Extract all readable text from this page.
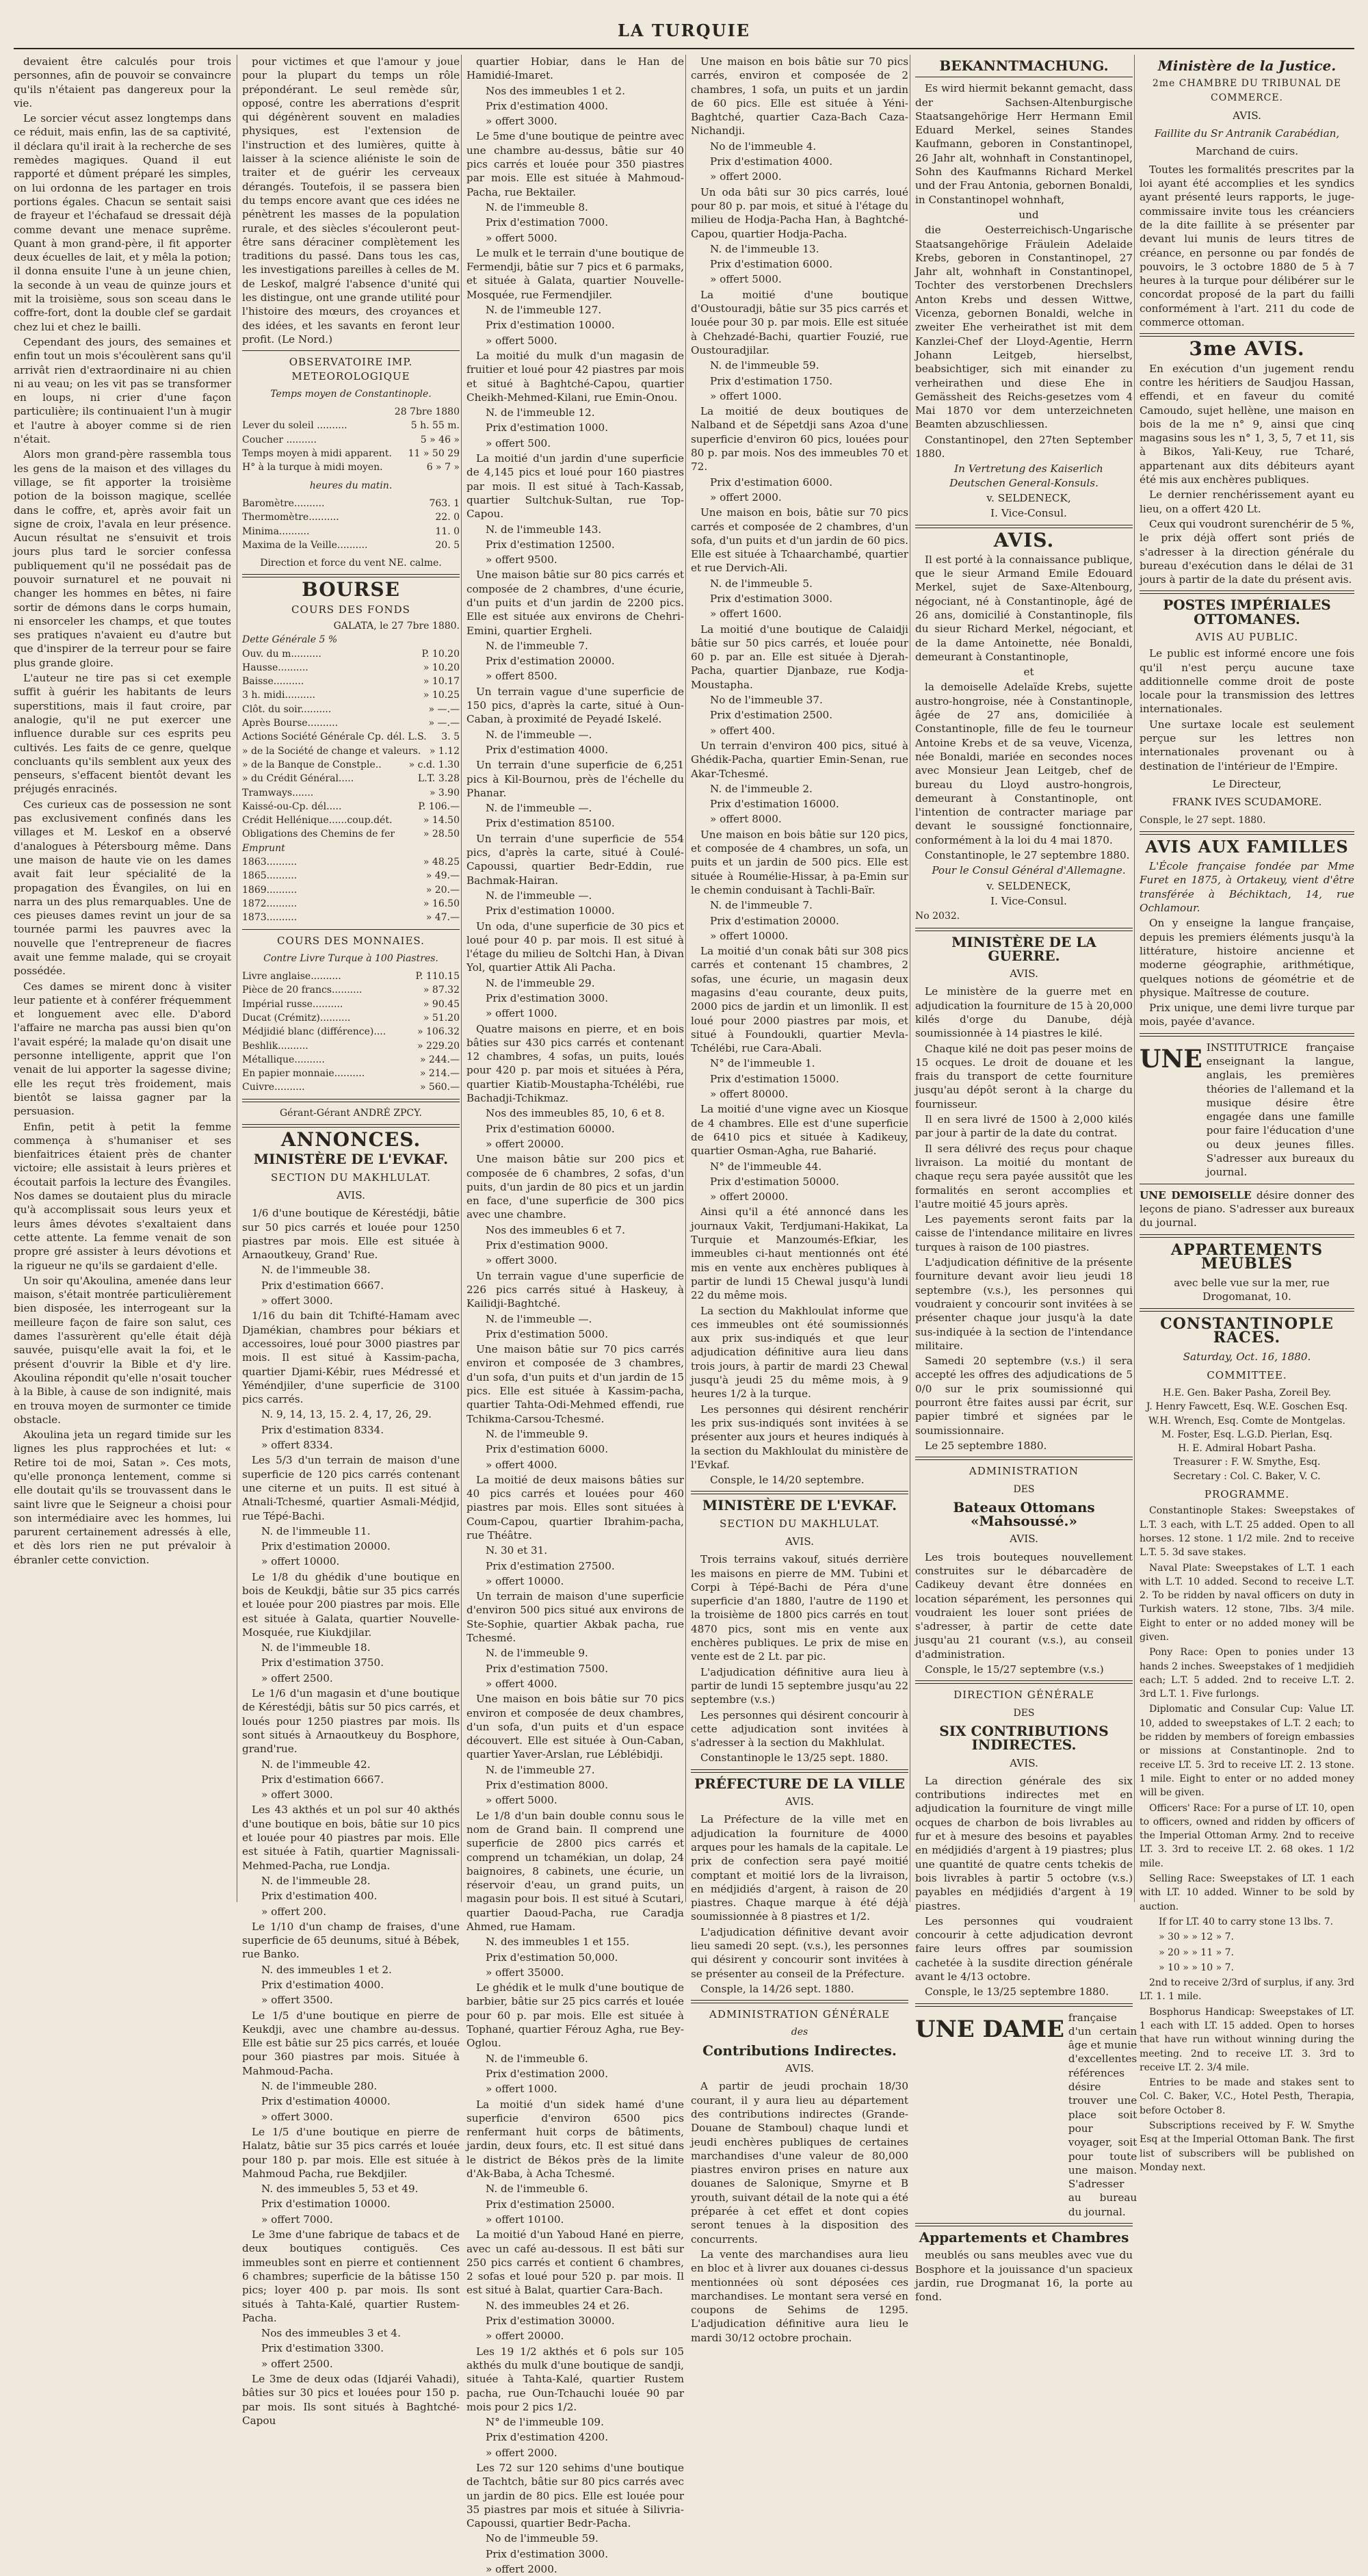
LA TURQUIE

devaient être calculés pour trois personnes, afin de pouvoir se convaincre qu'ils n'étaient pas dangereux pour la vie.

Le sorcier vécut assez longtemps dans ce réduit, mais enfin, las de sa captivité, il déclara qu'il irait à la recherche de ses remèdes magiques. Quand il eut rapporté et dûment préparé les simples, on lui ordonna de les partager en trois portions égales. Chacun se sentait saisi de frayeur et l'échafaud se dressait déjà comme devant une menace suprême. Quant à mon grand-père, il fit apporter deux écuelles de lait, et y mêla la potion; il donna ensuite l'une à un jeune chien, la seconde à un veau de quinze jours et mit la troisième, sous son sceau dans le coffre-fort, dont la double clef se gardait chez lui et chez le bailli.

Cependant des jours, des semaines et enfin tout un mois s'écoulèrent sans qu'il arrivât rien d'extraordinaire ni au chien ni au veau; on les vit pas se transformer en loups, ni crier d'une façon particulière; ils continuaient l'un à mugir et l'autre à aboyer comme si de rien n'était.

Alors mon grand-père rassembla tous les gens de la maison et des villages du village, se fit apporter la troisième potion de la boisson magique, scellée dans le coffre, et, après avoir fait un signe de croix, l'avala en leur présence. Aucun résultat ne s'ensuivit et trois jours plus tard le sorcier confessa publiquement qu'il ne possédait pas de pouvoir surnaturel et ne pouvait ni changer les hommes en bêtes, ni faire sortir de démons dans le corps humain, ni ensorceler les champs, et que toutes ses pratiques n'avaient eu d'autre but que d'inspirer de la terreur pour se faire plus grande gloire.

L'auteur ne tire pas si cet exemple suffit à guérir les habitants de leurs superstitions, mais il faut croire, par analogie, qu'il ne put exercer une influence durable sur ces esprits peu cultivés. Les faits de ce genre, quelque concluants qu'ils semblent aux yeux des penseurs, s'effacent bientôt devant les préjugés enracinés.

Ces curieux cas de possession ne sont pas exclusivement confinés dans les villages et M. Leskof en a observé d'analogues à Pétersbourg même. Dans une maison de haute vie on les dames avait fait leur spécialité de la propagation des Évangiles, on lui en narra un des plus remarquables. Une de ces pieuses dames revint un jour de sa tournée parmi les pauvres avec la nouvelle que l'entrepreneur de fiacres avait une femme malade, qui se croyait possédée.

Ces dames se mirent donc à visiter leur patiente et à conférer fréquemment et longuement avec elle. D'abord l'affaire ne marcha pas aussi bien qu'on l'avait espéré; la malade qu'on disait une personne intelligente, apprit que l'on venait de lui apporter la sagesse divine; elle les reçut très froidement, mais bientôt se laissa gagner par la persuasion.

Enfin, petit à petit la femme commença à s'humaniser et ses bienfaitrices étaient près de chanter victoire; elle assistait à leurs prières et écoutait parfois la lecture des Évangiles. Nos dames se doutaient plus du miracle qu'à accomplissait sous leurs yeux et leurs âmes dévotes s'exaltaient dans cette attente. La femme venait de son propre gré assister à leurs dévotions et la rigueur ne qu'ils se gardaient d'elle.

Un soir qu'Akoulina, amenée dans leur maison, s'était montrée particulièrement bien disposée, les interrogeant sur la meilleure façon de faire son salut, ces dames l'assurèrent qu'elle était déjà sauvée, puisqu'elle avait la foi, et le présent d'ouvrir la Bible et d'y lire. Akoulina répondit qu'elle n'osait toucher à la Bible, à cause de son indignité, mais en trouva moyen de surmonter ce timide obstacle.

Akoulina jeta un regard timide sur les lignes les plus rapprochées et lut: « Retire toi de moi, Satan ». Ces mots, qu'elle prononça lentement, comme si elle doutait qu'ils se trouvassent dans le saint livre que le Seigneur a choisi pour son intermédiaire avec les hommes, lui parurent certainement adressés à elle, et dès lors rien ne put prévaloir à ébranler cette conviction.

pour victimes et que l'amour y joue pour la plupart du temps un rôle prépondérant. Le seul remède sûr, opposé, contre les aberrations d'esprit qui dégénèrent souvent en maladies physiques, est l'extension de l'instruction et des lumières, quitte à laisser à la science aliéniste le soin de traiter et de guérir les cerveaux dérangés. Toutefois, il se passera bien du temps encore avant que ces idées ne pénètrent les masses de la population rurale, et des siècles s'écouleront peut-être sans déraciner complètement les traditions du passé. Dans tous les cas, les investigations pareilles à celles de M. de Leskof, malgré l'absence d'unité qui les distingue, ont une grande utilité pour l'histoire des mœurs, des croyances et des idées, et les savants en feront leur profit. (Le Nord.)

OBSERVATOIRE IMP. METEOROLOGIQUE
Temps moyen de Constantinople.
28 7bre 1880
Lever du soleil ..........	5 h. 55 m.
Coucher ..........	5 » 46 »
Temps moyen à midi apparent. 11 » 50 29
H° à la turque à midi moyen.	6 » 7 »
heures du matin.
Baromètre..........	763. 1
Thermomètre..........	22. 0
Minima..........	11. 0
Maxima de la Veille..........	20. 5
Direction et force du vent NE. calme.
BOURSE
COURS DES FONDS
GALATA, le 27 7bre 1880.
Dette Générale 5 %
Ouv. du m..........	P. 10.20
Hausse..........	» 10.20
Baisse..........	» 10.17
3 h. midi..........	» 10.25
Clôt. du soir..........	» —.—
Après Bourse..........	» —.—
Actions Société Générale Cp. dél. L.S. 3. 5
» de la Société de change et valeurs. » 1.12
» de la Banque de Constple..	» c.d. 1.30
» du Crédit Général.....	L.T. 3.28
Tramways.......	» 3.90
Kaissé-ou-Cp. dél.....	P. 106.—
Crédit Hellénique......coup.dét.	» 14.50
Obligations des Chemins de fer	» 28.50
Emprunt
1863..........	» 48.25
1865..........	» 49.—
1869..........	» 20.—
1872..........	» 16.50
1873..........	» 47.—
COURS DES MONNAIES.
Contre Livre Turque à 100 Piastres.
Livre anglaise..........	P. 110.15
Pièce de 20 francs..........	» 87.32
Impérial russe..........	» 90.45
Ducat (Crémitz)..........	» 51.20
Médjidié blanc (différence)....	» 106.32
Beshlik..........	» 229.20
Métallique..........	» 244.—
En papier monnaie..........	» 214.—
Cuivre..........	» 560.—
Gérant-Gérant ANDRÉ ZPCY.
ANNONCES.
MINISTÈRE DE L'EVKAF.
SECTION DU MAKHLULAT.
AVIS.

1/6 d'une boutique de Kérestédji, bâtie sur 50 pics carrés et louée pour 1250 piastres par mois. Elle est située à Arnaoutkeuy, Grand' Rue.

N. de l'immeuble 38.

Prix d'estimation 6667.

» offert 3000.

1/16 du bain dit Tchifté-Hamam avec Djamékian, chambres pour békiars et accessoires, loué pour 3000 piastres par mois. Il est situé à Kassim-pacha, quartier Djami-Kébir, rues Médressé et Yéméndjiler, d'une superficie de 3100 pics carrés.

N. 9, 14, 13, 15. 2. 4, 17, 26, 29.

Prix d'estimation 8334.

» offert 8334.

Les 5/3 d'un terrain de maison d'une superficie de 120 pics carrés contenant une citerne et un puits. Il est situé à Atnali-Tchesmé, quartier Asmali-Médjid, rue Tépé-Bachi.

N. de l'immeuble 11.

Prix d'estimation 20000.

» offert 10000.

Le 1/8 du ghédik d'une boutique en bois de Keukdji, bâtie sur 35 pics carrés et louée pour 200 piastres par mois. Elle est située à Galata, quartier Nouvelle-Mosquée, rue Kiukdjilar.

N. de l'immeuble 18.

Prix d'estimation 3750.

» offert 2500.

Le 1/6 d'un magasin et d'une boutique de Kérestédji, bâtis sur 50 pics carrés, et loués pour 1250 piastres par mois. Ils sont situés à Arnaoutkeuy du Bosphore, grand'rue.

N. de l'immeuble 42.

Prix d'estimation 6667.

» offert 3000.

Les 43 akthés et un pol sur 40 akthés d'une boutique en bois, bâtie sur 10 pics et louée pour 40 piastres par mois. Elle est située à Fatih, quartier Magnissali-Mehmed-Pacha, rue Londja.

N. de l'immeuble 28.

Prix d'estimation 400.

» offert 200.

Le 1/10 d'un champ de fraises, d'une superficie de 65 deunums, situé à Bébek, rue Banko.

N. des immeubles 1 et 2.

Prix d'estimation 4000.

» offert 3500.

Le 1/5 d'une boutique en pierre de Keukdji, avec une chambre au-dessus. Elle est bâtie sur 25 pics carrés, et louée pour 360 piastres par mois. Située à Mahmoud-Pacha.

N. de l'immeuble 280.

Prix d'estimation 40000.

» offert 3000.

Le 1/5 d'une boutique en pierre de Halatz, bâtie sur 35 pics carrés et louée pour 180 p. par mois. Elle est située à Mahmoud Pacha, rue Bekdjiler.

N. des immeubles 5, 53 et 49.

Prix d'estimation 10000.

» offert 7000.

Le 3me d'une fabrique de tabacs et de deux boutiques contiguës. Ces immeubles sont en pierre et contiennent 6 chambres; superficie de la bâtisse 150 pics; loyer 400 p. par mois. Ils sont situés à Tahta-Kalé, quartier Rustem-Pacha.

Nos des immeubles 3 et 4.

Prix d'estimation 3300.

» offert 2500.

Le 3me de deux odas (Idjaréi Vahadi), bâties sur 30 pics et louées pour 150 p. par mois. Ils sont situés à Baghtché-Capou

quartier Hobiar, dans le Han de Hamidié-Imaret.

Nos des immeubles 1 et 2.

Prix d'estimation 4000.

» offert 3000.

Le 5me d'une boutique de peintre avec une chambre au-dessus, bâtie sur 40 pics carrés et louée pour 350 piastres par mois. Elle est située à Mahmoud-Pacha, rue Bektailer.

N. de l'immeuble 8.

Prix d'estimation 7000.

» offert 5000.

Le mulk et le terrain d'une boutique de Fermendji, bâtie sur 7 pics et 6 parmaks, et située à Galata, quartier Nouvelle-Mosquée, rue Fermendjiler.

N. de l'immeuble 127.

Prix d'estimation 10000.

» offert 5000.

La moitié du mulk d'un magasin de fruitier et loué pour 42 piastres par mois et situé à Baghtché-Capou, quartier Cheikh-Mehmed-Kilani, rue Emin-Onou.

N. de l'immeuble 12.

Prix d'estimation 1000.

» offert 500.

La moitié d'un jardin d'une superficie de 4,145 pics et loué pour 160 piastres par mois. Il est situé à Tach-Kassab, quartier Sultchuk-Sultan, rue Top-Capou.

N. de l'immeuble 143.

Prix d'estimation 12500.

» offert 9500.

Une maison bâtie sur 80 pics carrés et composée de 2 chambres, d'une écurie, d'un puits et d'un jardin de 2200 pics. Elle est située aux environs de Chehri-Emini, quartier Ergheli.

N. de l'immeuble 7.

Prix d'estimation 20000.

» offert 8500.

Un terrain vague d'une superficie de 150 pics, d'après la carte, situé à Oun-Caban, à proximité de Peyadé Iskelé.

N. de l'immeuble —.

Prix d'estimation 4000.

Un terrain d'une superficie de 6,251 pics à Kil-Bournou, près de l'échelle du Phanar.

N. de l'immeuble —.

Prix d'estimation 85100.

Un terrain d'une superficie de 554 pics, d'après la carte, situé à Coulé-Capoussi, quartier Bedr-Eddin, rue Bachmak-Hairan.

N. de l'immeuble —.

Prix d'estimation 10000.

Un oda, d'une superficie de 30 pics et loué pour 40 p. par mois. Il est situé à l'étage du milieu de Soltchi Han, à Divan Yol, quartier Attik Ali Pacha.

N. de l'immeuble 29.

Prix d'estimation 3000.

» offert 1000.

Quatre maisons en pierre, et en bois bâties sur 430 pics carrés et contenant 12 chambres, 4 sofas, un puits, loués pour 420 p. par mois et situées à Péra, quartier Kiatib-Moustapha-Tchélébi, rue Bachadji-Tchikmaz.

Nos des immeubles 85, 10, 6 et 8.

Prix d'estimation 60000.

» offert 20000.

Une maison bâtie sur 200 pics et composée de 6 chambres, 2 sofas, d'un puits, d'un jardin de 80 pics et un jardin en face, d'une superficie de 300 pics avec une chambre.

Nos des immeubles 6 et 7.

Prix d'estimation 9000.

» offert 3000.

Un terrain vague d'une superficie de 226 pics carrés situé à Haskeuy, à Kailidji-Baghtché.

N. de l'immeuble —.

Prix d'estimation 5000.

Une maison bâtie sur 70 pics carrés environ et composée de 3 chambres, d'un sofa, d'un puits et d'un jardin de 15 pics. Elle est située à Kassim-pacha, quartier Tahta-Odi-Mehmed effendi, rue Tchikma-Carsou-Tchesmé.

N. de l'immeuble 9.

Prix d'estimation 6000.

» offert 4000.

La moitié de deux maisons bâties sur 40 pics carrés et louées pour 460 piastres par mois. Elles sont situées à Coum-Capou, quartier Ibrahim-pacha, rue Théâtre.

N. 30 et 31.

Prix d'estimation 27500.

» offert 10000.

Un terrain de maison d'une superficie d'environ 500 pics situé aux environs de Ste-Sophie, quartier Akbak pacha, rue Tchesmé.

N. de l'immeuble 9.

Prix d'estimation 7500.

» offert 4000.

Une maison en bois bâtie sur 70 pics environ et composée de deux chambres, d'un sofa, d'un puits et d'un espace découvert. Elle est située à Oun-Caban, quartier Yaver-Arslan, rue Léblébidji.

N. de l'immeuble 27.

Prix d'estimation 8000.

» offert 5000.

Le 1/8 d'un bain double connu sous le nom de Grand bain. Il comprend une superficie de 2800 pics carrés et comprend un tchamékian, un dolap, 24 baignoires, 8 cabinets, une écurie, un réservoir d'eau, un grand puits, un magasin pour bois. Il est situé à Scutari, quartier Daoud-Pacha, rue Caradja Ahmed, rue Hamam.

N. des immeubles 1 et 155.

Prix d'estimation 50,000.

» offert 35000.

Le ghédik et le mulk d'une boutique de barbier, bâtie sur 25 pics carrés et louée pour 60 p. par mois. Elle est située à Tophané, quartier Férouz Agha, rue Bey-Oglou.

N. de l'immeuble 6.

Prix d'estimation 2000.

» offert 1000.

La moitié d'un sidek hamé d'une superficie d'environ 6500 pics renfermant huit corps de bâtiments, jardin, deux fours, etc. Il est situé dans le district de Békos près de la limite d'Ak-Baba, à Acha Tchesmé.

N. de l'immeuble 6.

Prix d'estimation 25000.

» offert 10100.

La moitié d'un Yaboud Hané en pierre, avec un café au-dessous. Il est bâti sur 250 pics carrés et contient 6 chambres, 2 sofas et loué pour 520 p. par mois. Il est situé à Balat, quartier Cara-Bach.

N. des immeubles 24 et 26.

Prix d'estimation 30000.

» offert 20000.

Les 19 1/2 akthés et 6 pols sur 105 akthés du mulk d'une boutique de sandji, située à Tahta-Kalé, quartier Rustem pacha, rue Oun-Tchauchi louée 90 par mois pour 2 pics 1/2.

N° de l'immeuble 109.

Prix d'estimation 4200.

» offert 2000.

Les 72 sur 120 sehims d'une boutique de Tachtch, bâtie sur 80 pics carrés avec un jardin de 80 pics. Elle est louée pour 35 piastres par mois et située à Silivria-Capoussi, quartier Bedr-Pacha.

No de l'immeuble 59.

Prix d'estimation 3000.

» offert 2000.

Une maison en bois bâtie sur 70 pics carrés, environ et composée de 2 chambres, 1 sofa, un puits et un jardin de 60 pics. Elle est située à Yéni-Baghtché, quartier Caza-Bach Caza-Nichandji.

No de l'immeuble 4.

Prix d'estimation 4000.

» offert 2000.

Un oda bâti sur 30 pics carrés, loué pour 80 p. par mois, et situé à l'étage du milieu de Hodja-Pacha Han, à Baghtché-Capou, quartier Hodja-Pacha.

N. de l'immeuble 13.

Prix d'estimation 6000.

» offert 5000.

La moitié d'une boutique d'Oustouradji, bâtie sur 35 pics carrés et louée pour 30 p. par mois. Elle est située à Chehzadé-Bachi, quartier Fouzié, rue Oustouradjilar.

N. de l'immeuble 59.

Prix d'estimation 1750.

» offert 1000.

La moitié de deux boutiques de Nalband et de Sépetdji sans Azoa d'une superficie d'environ 60 pics, louées pour 80 p. par mois. Nos des immeubles 70 et 72.

Prix d'estimation 6000.

» offert 2000.

Une maison en bois, bâtie sur 70 pics carrés et composée de 2 chambres, d'un sofa, d'un puits et d'un jardin de 60 pics. Elle est située à Tchaarchambé, quartier et rue Dervich-Ali.

N. de l'immeuble 5.

Prix d'estimation 3000.

» offert 1600.

La moitié d'une boutique de Calaidji bâtie sur 50 pics carrés, et louée pour 60 p. par an. Elle est située à Djerah-Pacha, quartier Djanbaze, rue Kodja-Moustapha.

No de l'immeuble 37.

Prix d'estimation 2500.

» offert 400.

Un terrain d'environ 400 pics, situé à Ghédik-Pacha, quartier Emin-Senan, rue Akar-Tchesmé.

N. de l'immeuble 2.

Prix d'estimation 16000.

» offert 8000.

Une maison en bois bâtie sur 120 pics, et composée de 4 chambres, un sofa, un puits et un jardin de 500 pics. Elle est située à Roumélie-Hissar, à pa-Emin sur le chemin conduisant à Tachli-Baïr.

N. de l'immeuble 7.

Prix d'estimation 20000.

» offert 10000.

La moitié d'un conak bâti sur 308 pics carrés et contenant 15 chambres, 2 sofas, une écurie, un magasin deux magasins d'eau courante, deux puits, 2000 pics de jardin et un limonlik. Il est loué pour 2000 piastres par mois, et situé à Foundoukli, quartier Mevla-Tchélébi, rue Cara-Abali.

N° de l'immeuble 1.

Prix d'estimation 15000.

» offert 80000.

La moitié d'une vigne avec un Kiosque de 4 chambres. Elle est d'une superficie de 6410 pics et située à Kadikeuy, quartier Osman-Agha, rue Baharié.

N° de l'immeuble 44.

Prix d'estimation 50000.

» offert 20000.

Ainsi qu'il a été annoncé dans les journaux Vakit, Terdjumani-Hakikat, La Turquie et Manzoumés-Efkiar, les immeubles ci-haut mentionnés ont été mis en vente aux enchères publiques à partir de lundi 15 Chewal jusqu'à lundi 22 du même mois.

La section du Makhloulat informe que ces immeubles ont été soumissionnés aux prix sus-indiqués et que leur adjudication définitive aura lieu dans trois jours, à partir de mardi 23 Chewal jusqu'à jeudi 25 du même mois, à 9 heures 1/2 à la turque.

Les personnes qui désirent renchérir les prix sus-indiqués sont invitées à se présenter aux jours et heures indiqués à la section du Makhloulat du ministère de l'Evkaf.

Consple, le 14/20 septembre.

MINISTÈRE DE L'EVKAF.
SECTION DU MAKHLULAT.
AVIS.

Trois terrains vakouf, situés derrière les maisons en pierre de MM. Tubini et Corpi à Tépé-Bachi de Péra d'une superficie d'an 1880, l'autre de 1190 et la troisième de 1800 pics carrés en tout 4870 pics, sont mis en vente aux enchères publiques. Le prix de mise en vente est de 2 Lt. par pic.

L'adjudication définitive aura lieu à partir de lundi 15 septembre jusqu'au 22 septembre (v.s.)

Les personnes qui désirent concourir à cette adjudication sont invitées à s'adresser à la section du Makhlulat.

Constantinople le 13/25 sept. 1880.

PRÉFECTURE DE LA VILLE
AVIS.

La Préfecture de la ville met en adjudication la fourniture de 4000 arques pour les hamals de la capitale. Le prix de confection sera payé moitié comptant et moitié lors de la livraison, en médjidiés d'argent, à raison de 20 piastres. Chaque marque à été déjà soumissionnée à 8 piastres et 1/2.

L'adjudication définitive devant avoir lieu samedi 20 sept. (v.s.), les personnes qui désirent y concourir sont invitées à se présenter au conseil de la Préfecture.

Consple, la 14/26 sept. 1880.

ADMINISTRATION GÉNÉRALE
des
Contributions Indirectes.
AVIS.

A partir de jeudi prochain 18/30 courant, il y aura lieu au département des contributions indirectes (Grande-Douane de Stamboul) chaque lundi et jeudi enchères publiques de certaines marchandises d'une valeur de 80,000 piastres environ prises en nature aux douanes de Salonique, Smyrne et B yrouth, suivant détail de la note qui a été préparée à cet effet et dont copies seront tenues à la disposition des concurrents.

La vente des marchandises aura lieu en bloc et à livrer aux douanes ci-dessus mentionnées où sont déposées ces marchandises. Le montant sera versé en coupons de Sehims de 1295. L'adjudication définitive aura lieu le mardi 30/12 octobre prochain.

BEKANNTMACHUNG.

Es wird hiermit bekannt gemacht, dass der Sachsen-Altenburgische Staatsangehörige Herr Hermann Emil Eduard Merkel, seines Standes Kaufmann, geboren in Constantinopel, 26 Jahr alt, wohnhaft in Constantinopel, Sohn des Kaufmanns Richard Merkel und der Frau Antonia, gebornen Bonaldi, in Constantinopel wohnhaft,

und

die Oesterreichisch-Ungarische Staatsangehörige Fräulein Adelaide Krebs, geboren in Constantinopel, 27 Jahr alt, wohnhaft in Constantinopel, Tochter des verstorbenen Drechslers Anton Krebs und dessen Wittwe, Vicenza, gebornen Bonaldi, welche in zweiter Ehe verheirathet ist mit dem Kanzlei-Chef der Lloyd-Agentie, Herrn Johann Leitgeb, hierselbst, beabsichtiger, sich mit einander zu verheirathen und diese Ehe in Gemässheit des Reichs-gesetzes vom 4 Mai 1870 vor dem unterzeichneten Beamten abzuschliessen.

Constantinopel, den 27ten September 1880.

In Vertretung des Kaiserlich Deutschen General-Konsuls.

v. SELDENECK,

I. Vice-Consul.

AVIS.

Il est porté à la connaissance publique, que le sieur Armand Emile Edouard Merkel, sujet de Saxe-Altenbourg, négociant, né à Constantinople, âgé de 26 ans, domicilié à Constantinople, fils du sieur Richard Merkel, négociant, et de la dame Antoinette, née Bonaldi, demeurant à Constantinople,

et

la demoiselle Adelaïde Krebs, sujette austro-hongroise, née à Constantinople, âgée de 27 ans, domiciliée à Constantinople, fille de feu le tourneur Antoine Krebs et de sa veuve, Vicenza, née Bonaldi, mariée en secondes noces avec Monsieur Jean Leitgeb, chef de bureau du Lloyd austro-hongrois, demeurant à Constantinople, ont l'intention de contracter mariage par devant le soussigné fonctionnaire, conformément à la loi du 4 mai 1870.

Constantinople, le 27 septembre 1880.

Pour le Consul Général d'Allemagne.

v. SELDENECK,

I. Vice-Consul.

No 2032.
MINISTÈRE DE LA GUERRE.
AVIS.

Le ministère de la guerre met en adjudication la fourniture de 15 à 20,000 kilés d'orge du Danube, déjà soumissionnée à 14 piastres le kilé.

Chaque kilé ne doit pas peser moins de 15 ocques. Le droit de douane et les frais du transport de cette fourniture jusqu'au dépôt seront à la charge du fournisseur.

Il en sera livré de 1500 à 2,000 kilés par jour à partir de la date du contrat.

Il sera délivré des reçus pour chaque livraison. La moitié du montant de chaque reçu sera payée aussitôt que les formalités en seront accomplies et l'autre moitié 45 jours après.

Les payements seront faits par la caisse de l'intendance militaire en livres turques à raison de 100 piastres.

L'adjudication définitive de la présente fourniture devant avoir lieu jeudi 18 septembre (v.s.), les personnes qui voudraient y concourir sont invitées à se présenter chaque jour jusqu'à la date sus-indiquée à la section de l'intendance militaire.

Samedi 20 septembre (v.s.) il sera accepté les offres des adjudications de 5 0/0 sur le prix soumissionné qui pourront être faites aussi par écrit, sur papier timbré et signées par le soumissionnaire.

Le 25 septembre 1880.

ADMINISTRATION
DES
Bateaux Ottomans «Mahsoussé.»
AVIS.

Les trois bouteques nouvellement construites sur le débarcadère de Cadikeuy devant être données en location séparément, les personnes qui voudraient les louer sont priées de s'adresser, à partir de cette date jusqu'au 21 courant (v.s.), au conseil d'administration.

Consple, le 15/27 septembre (v.s.)

DIRECTION GÉNÉRALE
DES
SIX CONTRIBUTIONS INDIRECTES.
AVIS.

La direction générale des six contributions indirectes met en adjudication la fourniture de vingt mille ocques de charbon de bois livrables au fur et à mesure des besoins et payables en médjidiés d'argent à 19 piastres; plus une quantité de quatre cents tchekis de bois livrables à partir 5 octobre (v.s.) payables en médjidiés d'argent à 19 piastres.

Les personnes qui voudraient concourir à cette adjudication devront faire leurs offres par soumission cachetée à la susdite direction générale avant le 4/13 octobre.

Consple, le 13/25 septembre 1880.

UNE DAME française d'un certain âge et munie d'excellentes références désire trouver une place soit pour voyager, soit pour toute une maison. S'adresser au bureau du journal.
Appartements et Chambres

meublés ou sans meubles avec vue du Bosphore et la jouissance d'un spacieux jardin, rue Drogmanat 16, la porte au fond.

Ministère de la Justice.
2me CHAMBRE DU TRIBUNAL DE COMMERCE.
AVIS.
Faillite du Sr Antranik Carabédian,
Marchand de cuirs.

Toutes les formalités prescrites par la loi ayant été accomplies et les syndics ayant présenté leurs rapports, le juge-commissaire invite tous les créanciers de la dite faillite à se présenter par devant lui munis de leurs titres de créance, en personne ou par fondés de pouvoirs, le 3 octobre 1880 de 5 à 7 heures à la turque pour délibérer sur le concordat proposé de la part du failli conformément à l'art. 211 du code de commerce ottoman.

3me AVIS.

En exécution d'un jugement rendu contre les héritiers de Saudjou Hassan, effendi, et en faveur du comité Camoudo, sujet hellène, une maison en bois de la me n° 9, ainsi que cinq magasins sous les n° 1, 3, 5, 7 et 11, sis à Bikos, Yali-Keuy, rue Tcharé, appartenant aux dits débiteurs ayant été mis aux enchères publiques.

Le dernier renchérissement ayant eu lieu, on a offert 420 Lt.

Ceux qui voudront surenchérir de 5 %, le prix déjà offert sont priés de s'adresser à la direction générale du bureau d'exécution dans le délai de 31 jours à partir de la date du présent avis.

POSTES IMPÉRIALES OTTOMANES.
AVIS AU PUBLIC.

Le public est informé encore une fois qu'il n'est perçu aucune taxe additionnelle comme droit de poste locale pour la transmission des lettres internationales.

Une surtaxe locale est seulement perçue sur les lettres non internationales provenant ou à destination de l'intérieur de l'Empire.

Le Directeur,
FRANK IVES SCUDAMORE.
Consple, le 27 sept. 1880.
AVIS AUX FAMILLES

L'École française fondée par Mme Furet en 1875, à Ortakeuy, vient d'être transférée à Béchiktach, 14, rue Ochlamour.

On y enseigne la langue française, depuis les premiers éléments jusqu'à la littérature, histoire ancienne et moderne géographie, arithmétique, quelques notions de géométrie et de physique. Maîtresse de couture.

Prix unique, une demi livre turque par mois, payée d'avance.

UNE INSTITUTRICE française enseignant la langue, anglais, les premières théories de l'allemand et la musique désire être engagée dans une famille pour faire l'éducation d'une ou deux jeunes filles. S'adresser aux bureaux du journal.
UNE DEMOISELLE désire donner des leçons de piano. S'adresser aux bureaux du journal.
APPARTEMENTS MEUBLÉS

avec belle vue sur la mer, rue Drogomanat, 10.

CONSTANTINOPLE RACES.
Saturday, Oct. 16, 1880.
COMMITTEE.
H.E. Gen. Baker Pasha, Zoreil Bey.
J. Henry Fawcett, Esq. W.E. Goschen Esq.
W.H. Wrench, Esq. Comte de Montgelas.
M. Foster, Esq. L.G.D. Pierlan, Esq.
H. E. Admiral Hobart Pasha.
Treasurer : F. W. Smythe, Esq.
Secretary : Col. C. Baker, V. C.
PROGRAMME.

Constantinople Stakes: Sweepstakes of L.T. 3 each, with L.T. 25 added. Open to all horses. 12 stone. 1 1/2 mile. 2nd to receive L.T. 5. 3d save stakes.

Naval Plate: Sweepstakes of L.T. 1 each with L.T. 10 added. Second to receive L.T. 2. To be ridden by naval officers on duty in Turkish waters. 12 stone, 7lbs. 3/4 mile. Eight to enter or no added money will be given.

Pony Race: Open to ponies under 13 hands 2 inches. Sweepstakes of 1 medjidieh each; L.T. 5 added. 2nd to receive L.T. 2. 3rd L.T. 1. Five furlongs.

Diplomatic and Consular Cup: Value LT. 10, added to sweepstakes of L.T. 2 each; to be ridden by members of foreign embassies or missions at Constantinople. 2nd to receive LT. 5. 3rd to receive LT. 2. 13 stone. 1 mile. Eight to enter or no added money will be given.

Officers' Race: For a purse of LT. 10, open to officers, owned and ridden by officers of the Imperial Ottoman Army. 2nd to receive LT. 3. 3rd to receive LT. 2. 68 okes. 1 1/2 mile.

Selling Race: Sweepstakes of LT. 1 each with LT. 10 added. Winner to be sold by auction.

If for LT. 40 to carry stone 13 lbs. 7.

» 30 » » 12 » 7.

» 20 » » 11 » 7.

» 10 » » 10 » 7.

2nd to receive 2/3rd of surplus, if any. 3rd LT. 1. 1 mile.

Bosphorus Handicap: Sweepstakes of LT. 1 each with LT. 15 added. Open to horses that have run without winning during the meeting. 2nd to receive LT. 3. 3rd to receive LT. 2. 3/4 mile.

Entries to be made and stakes sent to Col. C. Baker, V.C., Hotel Pesth, Therapia, before October 8.

Subscriptions received by F. W. Smythe Esq at the Imperial Ottoman Bank. The first list of subscribers will be published on Monday next.
